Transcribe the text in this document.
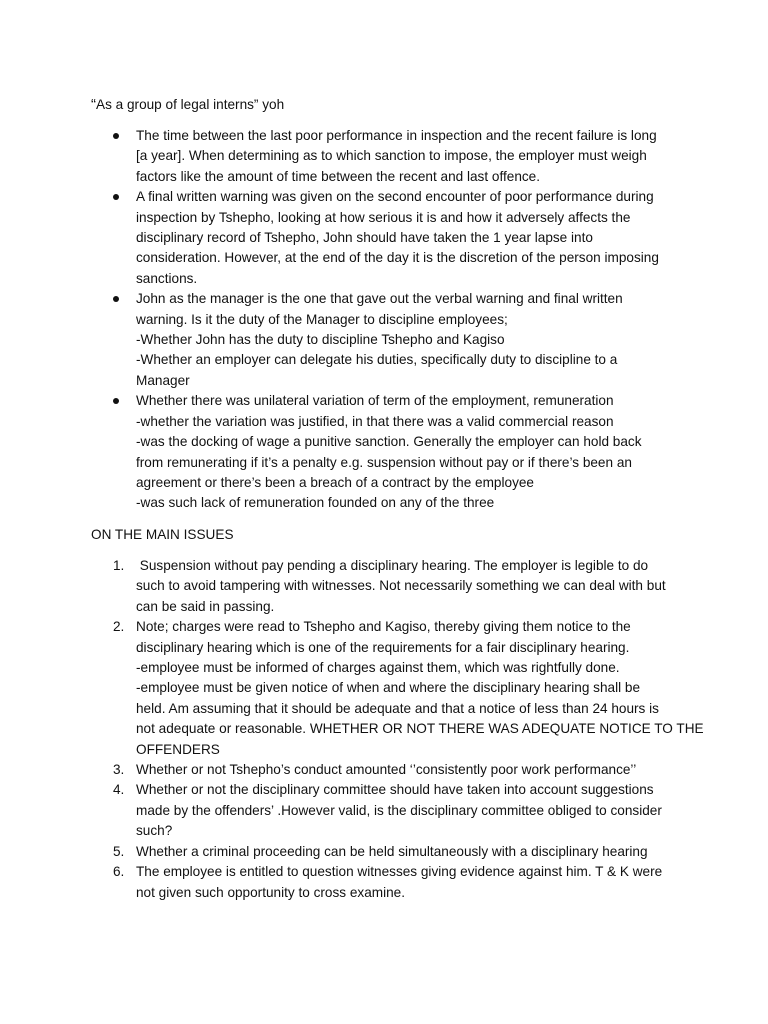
“As a group of legal interns” yoh

The time between the last poor performance in inspection and the recent failure is long
[a year]. When determining as to which sanction to impose, the employer must weigh
factors like the amount of time between the recent and last offence.
A final written warning was given on the second encounter of poor performance during
inspection by Tshepho, looking at how serious it is and how it adversely affects the
disciplinary record of Tshepho, John should have taken the 1 year lapse into
consideration. However, at the end of the day it is the discretion of the person imposing
sanctions.
John as the manager is the one that gave out the verbal warning and final written
warning. Is it the duty of the Manager to discipline employees;
-Whether John has the duty to discipline Tshepho and Kagiso
-Whether an employer can delegate his duties, specifically duty to discipline to a
Manager
Whether there was unilateral variation of term of the employment, remuneration
-whether the variation was justified, in that there was a valid commercial reason
-was the docking of wage a punitive sanction. Generally the employer can hold back
from remunerating if it’s a penalty e.g. suspension without pay or if there’s been an
agreement or there’s been a breach of a contract by the employee
-was such lack of remuneration founded on any of the three

ON THE MAIN ISSUES

1. Suspension without pay pending a disciplinary hearing. The employer is legible to do
such to avoid tampering with witnesses. Not necessarily something we can deal with but
can be said in passing.
2. Note; charges were read to Tshepho and Kagiso, thereby giving them notice to the
disciplinary hearing which is one of the requirements for a fair disciplinary hearing.
-employee must be informed of charges against them, which was rightfully done.
-employee must be given notice of when and where the disciplinary hearing shall be
held. Am assuming that it should be adequate and that a notice of less than 24 hours is
not adequate or reasonable. WHETHER OR NOT THERE WAS ADEQUATE NOTICE TO THE
OFFENDERS
3. Whether or not Tshepho’s conduct amounted ‘’consistently poor work performance’’
4. Whether or not the disciplinary committee should have taken into account suggestions
made by the offenders’ .However valid, is the disciplinary committee obliged to consider
such?
5. Whether a criminal proceeding can be held simultaneously with a disciplinary hearing
6. The employee is entitled to question witnesses giving evidence against him. T & K were
not given such opportunity to cross examine.
